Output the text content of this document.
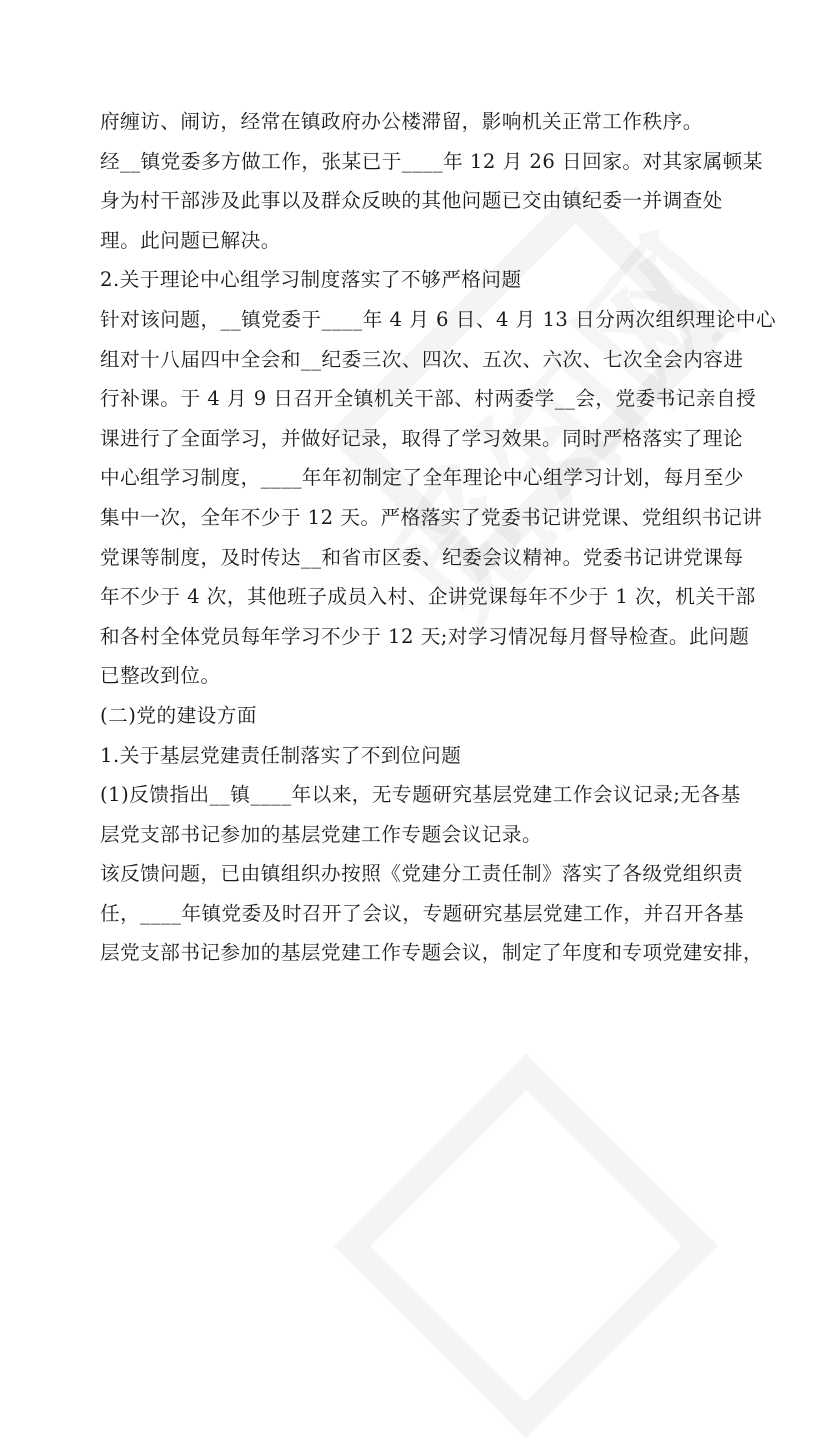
府缠访、闹访，经常在镇政府办公楼滞留，影响机关正常工作秩序。
经__镇党委多方做工作，张某已于____年 12 月 26 日回家。对其家属顿某
身为村干部涉及此事以及群众反映的其他问题已交由镇纪委一并调查处
理。此问题已解决。
2.关于理论中心组学习制度落实了不够严格问题
针对该问题，__镇党委于____年 4 月 6 日、4 月 13 日分两次组织理论中心
组对十八届四中全会和__纪委三次、四次、五次、六次、七次全会内容进
行补课。于 4 月 9 日召开全镇机关干部、村两委学__会，党委书记亲自授
课进行了全面学习，并做好记录，取得了学习效果。同时严格落实了理论
中心组学习制度，____年年初制定了全年理论中心组学习计划，每月至少
集中一次，全年不少于 12 天。严格落实了党委书记讲党课、党组织书记讲
党课等制度，及时传达__和省市区委、纪委会议精神。党委书记讲党课每
年不少于 4 次，其他班子成员入村、企讲党课每年不少于 1 次，机关干部
和各村全体党员每年学习不少于 12 天;对学习情况每月督导检查。此问题
已整改到位。
(二)党的建设方面
1.关于基层党建责任制落实了不到位问题
(1)反馈指出__镇____年以来，无专题研究基层党建工作会议记录;无各基
层党支部书记参加的基层党建工作专题会议记录。
该反馈问题，已由镇组织办按照《党建分工责任制》落实了各级党组织责
任，____年镇党委及时召开了会议，专题研究基层党建工作，并召开各基
层党支部书记参加的基层党建工作专题会议，制定了年度和专项党建安排，
